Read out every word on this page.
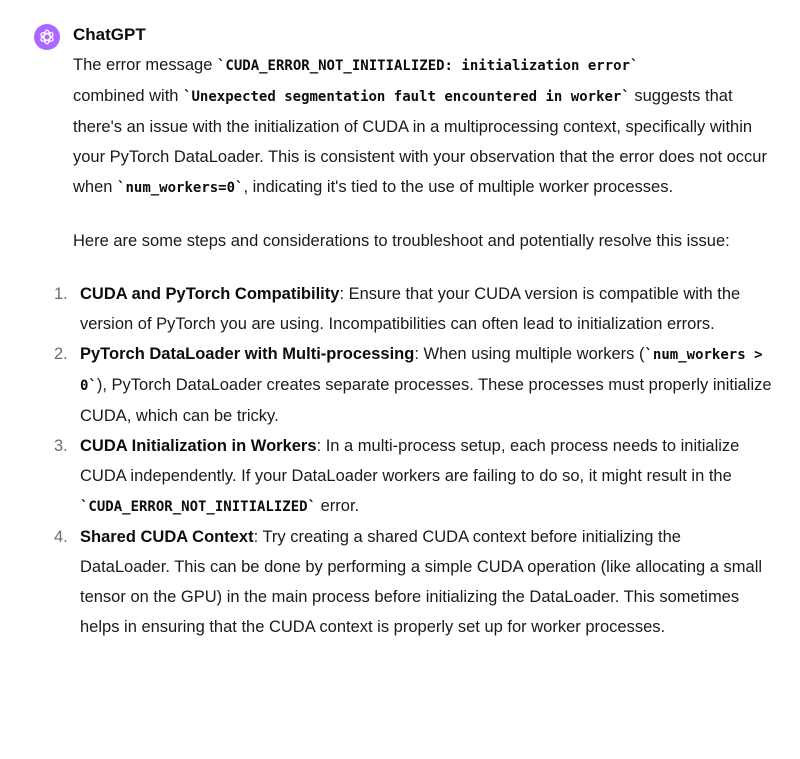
ChatGPT

The error message `CUDA_ERROR_NOT_INITIALIZED: initialization error`
combined with `Unexpected segmentation fault encountered in worker` suggests that there's an issue with the initialization of CUDA in a multiprocessing context, specifically within your PyTorch DataLoader. This is consistent with your observation that the error does not occur when `num_workers=0`, indicating it's tied to the use of multiple worker processes.

Here are some steps and considerations to troubleshoot and potentially resolve this issue:

1. CUDA and PyTorch Compatibility: Ensure that your CUDA version is compatible with the version of PyTorch you are using. Incompatibilities can often lead to initialization errors.
2. PyTorch DataLoader with Multi-processing: When using multiple workers (`num_workers > 0`), PyTorch DataLoader creates separate processes. These processes must properly initialize CUDA, which can be tricky.
3. CUDA Initialization in Workers: In a multi-process setup, each process needs to initialize CUDA independently. If your DataLoader workers are failing to do so, it might result in the `CUDA_ERROR_NOT_INITIALIZED` error.
4. Shared CUDA Context: Try creating a shared CUDA context before initializing the DataLoader. This can be done by performing a simple CUDA operation (like allocating a small tensor on the GPU) in the main process before initializing the DataLoader. This sometimes helps in ensuring that the CUDA context is properly set up for worker processes.
